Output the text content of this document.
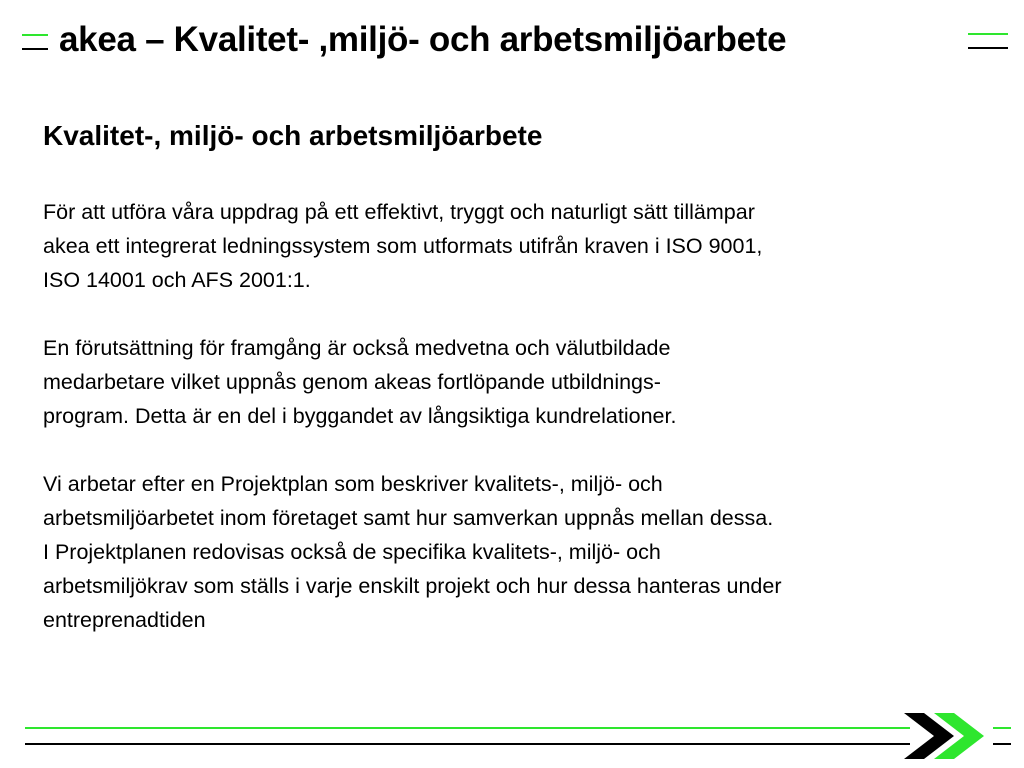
akea – Kvalitet- ,miljö- och arbetsmiljöarbete
Kvalitet-, miljö- och arbetsmiljöarbete

För att utföra våra uppdrag på ett effektivt, tryggt och naturligt sätt tillämpar
akea ett integrerat ledningssystem som utformats utifrån kraven i ISO 9001,
ISO 14001 och AFS 2001:1.

En förutsättning för framgång är också medvetna och välutbildade
medarbetare vilket uppnås genom akeas fortlöpande utbildnings-
program. Detta är en del i byggandet av långsiktiga kundrelationer.

Vi arbetar efter en Projektplan som beskriver kvalitets-, miljö- och
arbetsmiljöarbetet inom företaget samt hur samverkan uppnås mellan dessa.
I Projektplanen redovisas också de specifika kvalitets-, miljö- och
arbetsmiljökrav som ställs i varje enskilt projekt och hur dessa hanteras under
entreprenadtiden
